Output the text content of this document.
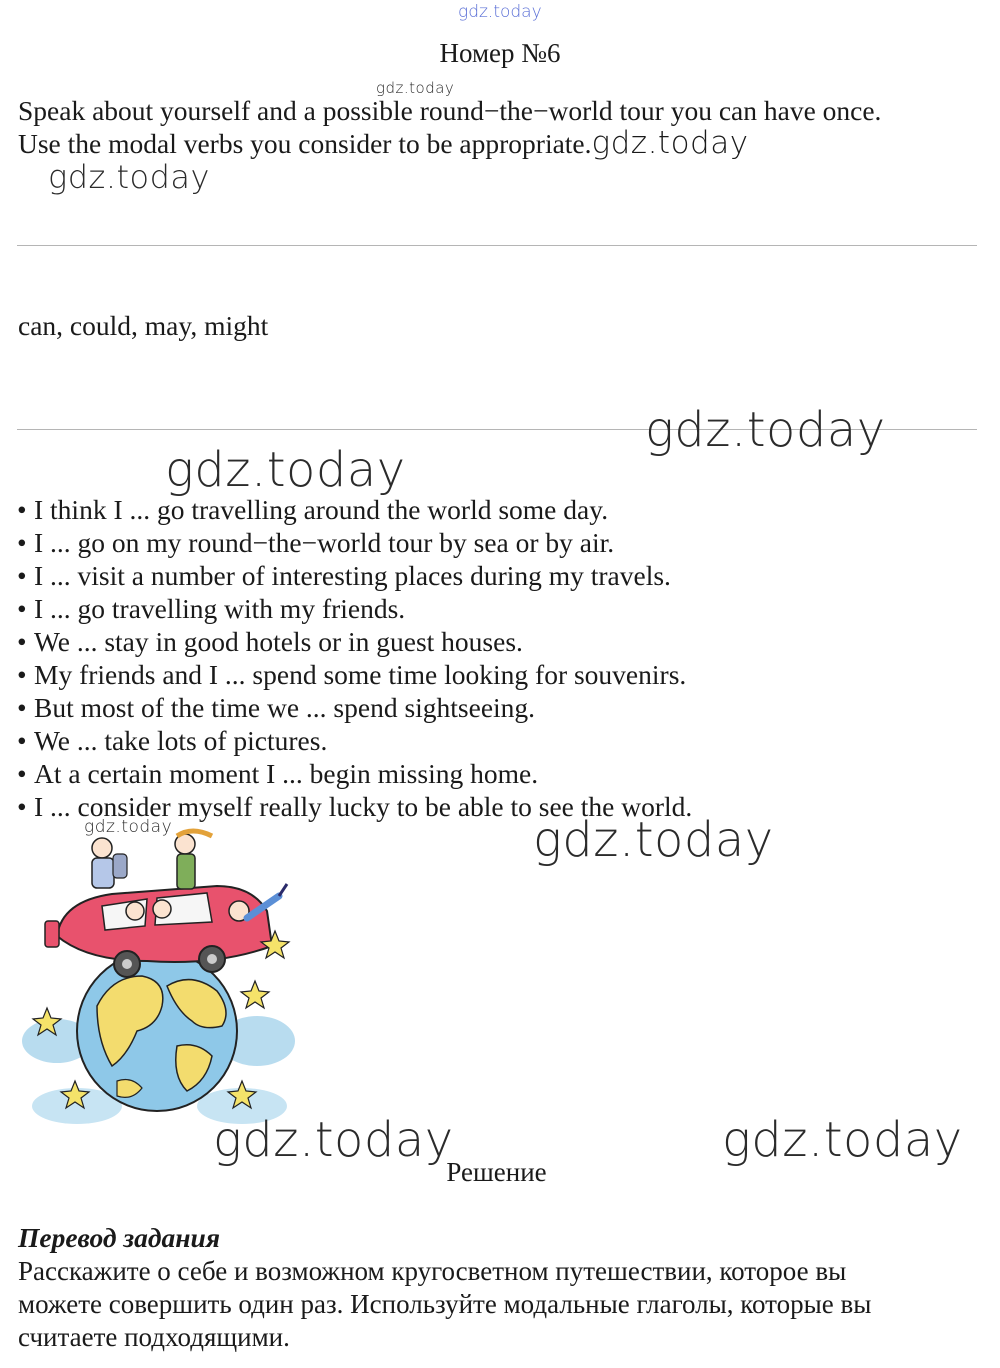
gdz.today
gdz.today
Номер №6
Speak about yourself and a possible round−the−world tour you can have once.
Use the modal verbs you consider to be appropriate.gdz.today
gdz.today
can, could, may, might
gdz.today
gdz.today
• I think I ... go travelling around the world some day.
• I ... go on my round−the−world tour by sea or by air.
• I ... visit a number of interesting places during my travels.
• I ... go travelling with my friends.
• We ... stay in good hotels or in guest houses.
• My friends and I ... spend some time looking for souvenirs.
• But most of the time we ... spend sightseeing.
• We ... take lots of pictures.
• At a certain moment I ... begin missing home.
• I ... consider myself really lucky to be able to see the world.
gdz.today	gdz.today
gdz.today	gdz.today
Решение
Перевод задания
Расскажите о себе и возможном кругосветном путешествии, которое вы
можете совершить один раз. Используйте модальные глаголы, которые вы
считаете подходящими.
